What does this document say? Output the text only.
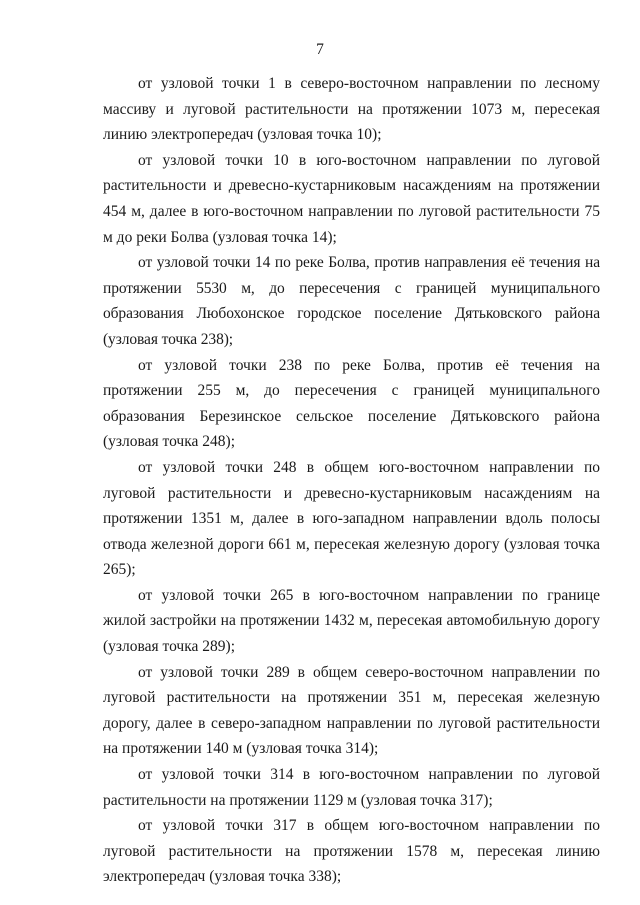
7

от узловой точки 1 в северо-восточном направлении по лесному массиву и луговой растительности на протяжении 1073 м, пересекая линию электропередач (узловая точка 10);

от узловой точки 10 в юго-восточном направлении по луговой растительности и древесно-кустарниковым насаждениям на протяжении 454 м, далее в юго-восточном направлении по луговой растительности 75 м до реки Болва (узловая точка 14);

от узловой точки 14 по реке Болва, против направления её течения на протяжении 5530 м, до пересечения с границей муниципального образования Любохонское городское поселение Дятьковского района (узловая точка 238);

от узловой точки 238 по реке Болва, против её течения на протяжении 255 м, до пересечения с границей муниципального образования Березинское сельское поселение Дятьковского района (узловая точка 248);

от узловой точки 248 в общем юго-восточном направлении по луговой растительности и древесно-кустарниковым насаждениям на протяжении 1351 м, далее в юго-западном направлении вдоль полосы отвода железной дороги 661 м, пересекая железную дорогу (узловая точка 265);

от узловой точки 265 в юго-восточном направлении по границе жилой застройки на протяжении 1432 м, пересекая автомобильную дорогу (узловая точка 289);

от узловой точки 289 в общем северо-восточном направлении по луговой растительности на протяжении 351 м, пересекая железную дорогу, далее в северо-западном направлении по луговой растительности на протяжении 140 м (узловая точка 314);

от узловой точки 314 в юго-восточном направлении по луговой растительности на протяжении 1129 м (узловая точка 317);

от узловой точки 317 в общем юго-восточном направлении по луговой растительности на протяжении 1578 м, пересекая линию электропередач (узловая точка 338);
